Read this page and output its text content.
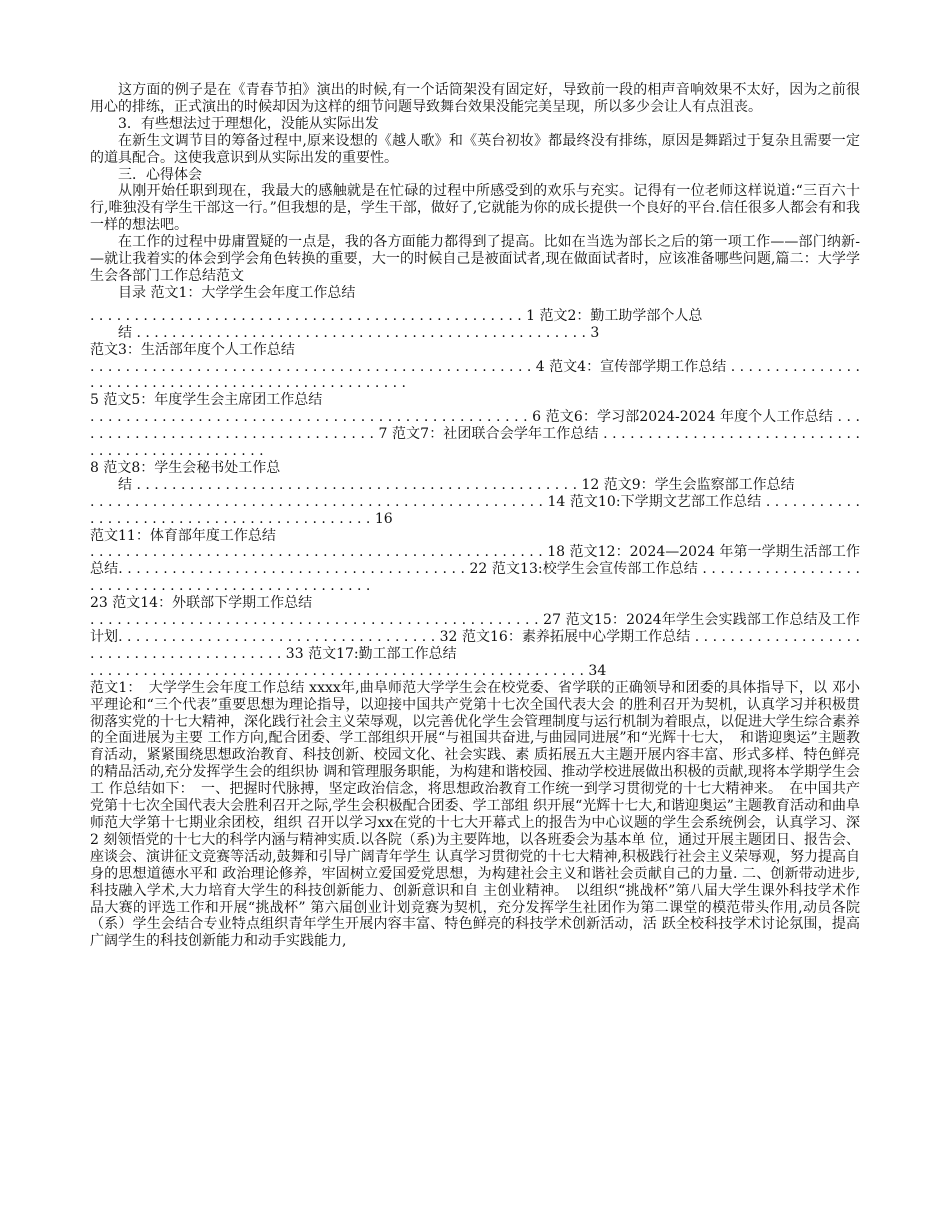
这方面的例子是在《青春节拍》演出的时候,有一个话筒架没有固定好，导致前一段的相声音响效果不太好，因为之前很用心的排练，正式演出的时候却因为这样的细节问题导致舞台效果没能完美呈现，所以多少会让人有点沮丧。

3．有些想法过于理想化，没能从实际出发

在新生文调节目的筹备过程中,原来设想的《越人歌》和《英台初妆》都最终没有排练，原因是舞蹈过于复杂且需要一定的道具配合。这使我意识到从实际出发的重要性。

三．心得体会

从刚开始任职到现在，我最大的感触就是在忙碌的过程中所感受到的欢乐与充实。记得有一位老师这样说道:“三百六十行,唯独没有学生干部这一行。”但我想的是，学生干部，做好了,它就能为你的成长提供一个良好的平台.信任很多人都会有和我一样的想法吧。

在工作的过程中毋庸置疑的一点是，我的各方面能力都得到了提高。比如在当选为部长之后的第一项工作——部门纳新-—就让我着实的体会到学会角色转换的重要，大一的时候自己是被面试者,现在做面试者时，应该准备哪些问题,篇二：大学学生会各部门工作总结范文

目录 范文1：大学学生会年度工作总结

. . . . . . . . . . . . . . . . . . . . . . . . . . . . . . . . . . . . . . . . . . . . . . . . . 1 范文2：勤工助学部个人总

结 . . . . . . . . . . . . . . . . . . . . . . . . . . . . . . . . . . . . . . . . . . . . . . . . . . . 3

范文3：生活部年度个人工作总结

. . . . . . . . . . . . . . . . . . . . . . . . . . . . . . . . . . . . . . . . . . . . . . . . . . 4 范文4：宣传部学期工作总结 . . . . . . . . . . . . . . . . . . . . . . . . . . . . . . . . . . . . . . . . . . . . . . . . . . .

5 范文5：年度学生会主席团工作总结

. . . . . . . . . . . . . . . . . . . . . . . . . . . . . . . . . . . . . . . . . . . . . . . . . 6 范文6：学习部2024-2024 年度个人工作总结 . . . . . . . . . . . . . . . . . . . . . . . . . . . . . . . . . . . 7 范文7：社团联合会学年工作总结 . . . . . . . . . . . . . . . . . . . . . . . . . . . . . . . . . . . . . . . . . . . . . . . . .

8 范文8：学生会秘书处工作总

结 . . . . . . . . . . . . . . . . . . . . . . . . . . . . . . . . . . . . . . . . . . . . . . . . . . 12 范文9：学生会监察部工作总结

. . . . . . . . . . . . . . . . . . . . . . . . . . . . . . . . . . . . . . . . . . . . . . . . . . . 14 范文10:下学期文艺部工作总结 . . . . . . . . . . . . . . . . . . . . . . . . . . . . . . . . . . . . . . . . . . . 16

范文11：体育部年度工作总结

. . . . . . . . . . . . . . . . . . . . . . . . . . . . . . . . . . . . . . . . . . . . . . . . . . . 18 范文12：2024—2024 年第一学期生活部工作总结. . . . . . . . . . . . . . . . . . . . . . . . . . . . . . . . . . . . . . . 22 范文13:校学生会宣传部工作总结 . . . . . . . . . . . . . . . . . . . . . . . . . . . . . . . . . . . . . . . . . . . . . . . . . .

23 范文14：外联部下学期工作总结

. . . . . . . . . . . . . . . . . . . . . . . . . . . . . . . . . . . . . . . . . . . . . . . . . . 27 范文15：2024年学生会实践部工作总结及工作计划. . . . . . . . . . . . . . . . . . . . . . . . . . . . . . . . . . . . 32 范文16：素养拓展中心学期工作总结 . . . . . . . . . . . . . . . . . . . . . . . . . . . . . . . . . . . . . . . . . 33 范文17:勤工部工作总结

. . . . . . . . . . . . . . . . . . . . . . . . . . . . . . . . . . . . . . . . . . . . . . . . . . . . . . . . 34

范文1：　大学学生会年度工作总结 xxxx年,曲阜师范大学学生会在校党委、省学联的正确领导和团委的具体指导下，以 邓小平理论和“三个代表”重要思想为理论指导，以迎接中国共产党第十七次全国代表大会 的胜利召开为契机，认真学习并积极贯彻落实党的十七大精神，深化践行社会主义荣辱观，以完善优化学生会管理制度与运行机制为着眼点，以促进大学生综合素养的全面进展为主要 工作方向,配合团委、学工部组织开展“与祖国共奋进,与曲园同进展”和“光辉十七大，　和谐迎奥运”主题教育活动，紧紧围绕思想政治教育、科技创新、校园文化、社会实践、素 质拓展五大主题开展内容丰富、形式多样、特色鲜亮的精品活动,充分发挥学生会的组织协 调和管理服务职能，为构建和谐校园、推动学校进展做出积极的贡献,现将本学期学生会工 作总结如下：　一、把握时代脉搏，坚定政治信念，将思想政治教育工作统一到学习贯彻党的十七大精神来。　在中国共产党第十七次全国代表大会胜利召开之际,学生会积极配合团委、学工部组 织开展“光辉十七大,和谐迎奥运”主题教育活动和曲阜师范大学第十七期业余团校，组织 召开以学习xx在党的十七大开幕式上的报告为中心议题的学生会系统例会，认真学习、深 2 刻领悟党的十七大的科学内涵与精神实质.以各院（系)为主要阵地，以各班委会为基本单 位，通过开展主题团日、报告会、座谈会、演讲征文竞赛等活动,鼓舞和引导广阔青年学生 认真学习贯彻党的十七大精神,积极践行社会主义荣辱观，努力提高自身的思想道德水平和 政治理论修养，牢固树立爱国爱党思想，为构建社会主义和谐社会贡献自己的力量. 二、创新带动进步,科技融入学术,大力培育大学生的科技创新能力、创新意识和自 主创业精神。　以组织“挑战杯”第八届大学生课外科技学术作品大赛的评选工作和开展“挑战杯” 第六届创业计划竞赛为契机，充分发挥学生社团作为第二课堂的模范带头作用,动员各院　（系）学生会结合专业特点组织青年学生开展内容丰富、特色鲜亮的科技学术创新活动，活 跃全校科技学术讨论氛围，提高广阔学生的科技创新能力和动手实践能力,
